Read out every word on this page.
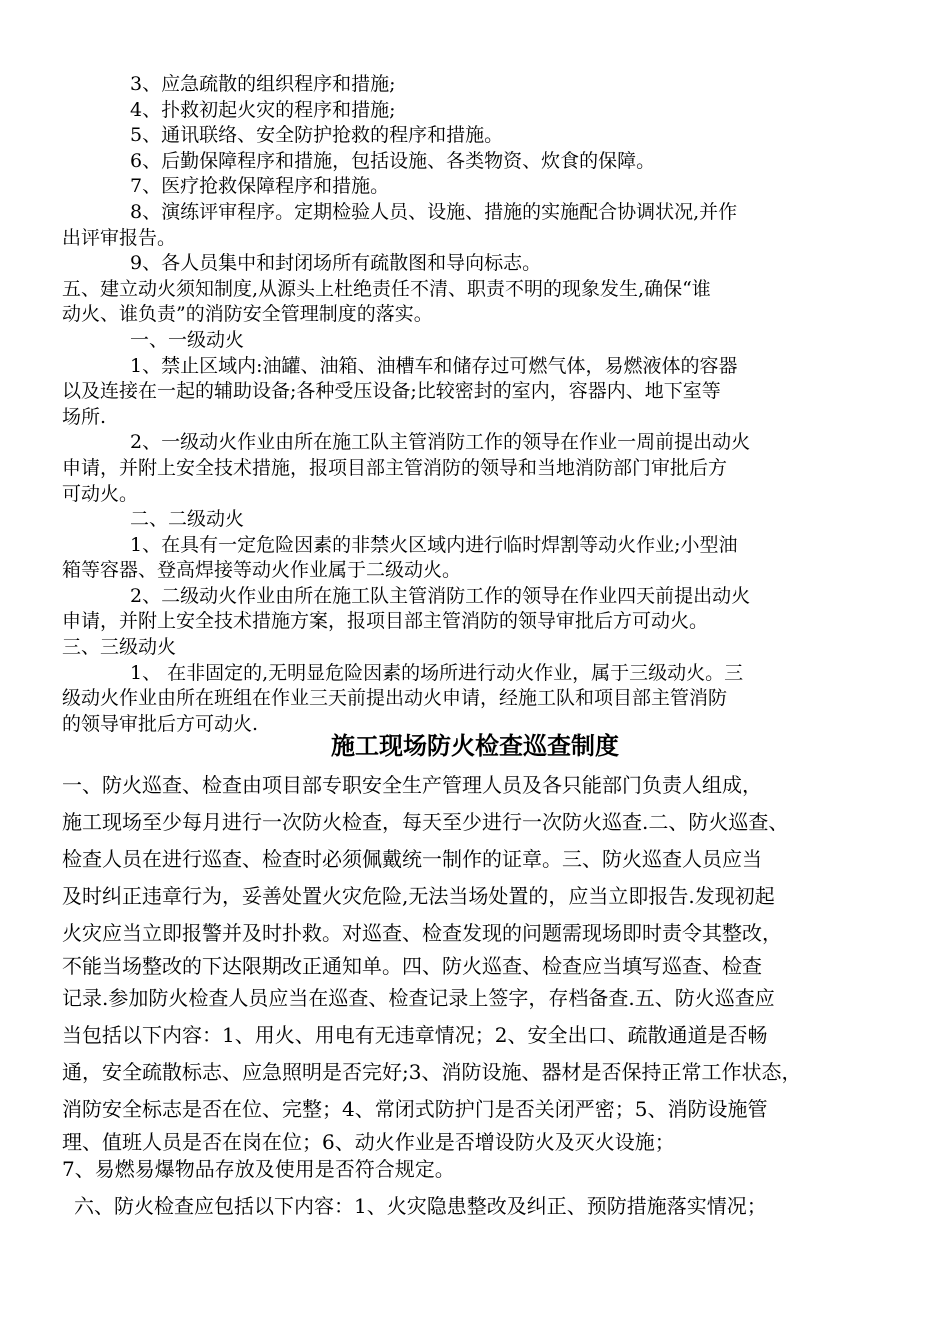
3、应急疏散的组织程序和措施;

4、扑救初起火灾的程序和措施;

5、通讯联络、安全防护抢救的程序和措施。

6、后勤保障程序和措施，包括设施、各类物资、炊食的保障。

7、医疗抢救保障程序和措施。

8、演练评审程序。定期检验人员、设施、措施的实施配合协调状况,并作

出评审报告。

9、各人员集中和封闭场所有疏散图和导向标志。

五、建立动火须知制度,从源头上杜绝责任不清、职责不明的现象发生,确保“谁

动火、谁负责”的消防安全管理制度的落实。

一、一级动火

1、禁止区域内:油罐、油箱、油槽车和储存过可燃气体，易燃液体的容器

以及连接在一起的辅助设备;各种受压设备;比较密封的室内，容器内、地下室等

场所.

2、一级动火作业由所在施工队主管消防工作的领导在作业一周前提出动火

申请，并附上安全技术措施，报项目部主管消防的领导和当地消防部门审批后方

可动火。

二、二级动火

1、在具有一定危险因素的非禁火区域内进行临时焊割等动火作业;小型油

箱等容器、登高焊接等动火作业属于二级动火。

2、二级动火作业由所在施工队主管消防工作的领导在作业四天前提出动火

申请，并附上安全技术措施方案，报项目部主管消防的领导审批后方可动火。

三、三级动火

1、 在非固定的,无明显危险因素的场所进行动火作业，属于三级动火。三

级动火作业由所在班组在作业三天前提出动火申请，经施工队和项目部主管消防

的领导审批后方可动火.

施工现场防火检查巡查制度

一、防火巡查、检查由项目部专职安全生产管理人员及各只能部门负责人组成，

施工现场至少每月进行一次防火检查，每天至少进行一次防火巡查.二、防火巡查、

检查人员在进行巡查、检查时必须佩戴统一制作的证章。三、防火巡查人员应当

及时纠正违章行为，妥善处置火灾危险,无法当场处置的，应当立即报告.发现初起

火灾应当立即报警并及时扑救。对巡查、检查发现的问题需现场即时责令其整改，

不能当场整改的下达限期改正通知单。四、防火巡查、检查应当填写巡查、检查

记录.参加防火检查人员应当在巡查、检查记录上签字，存档备查.五、防火巡查应

当包括以下内容：1、用火、用电有无违章情况；2、安全出口、疏散通道是否畅

通，安全疏散标志、应急照明是否完好;3、消防设施、器材是否保持正常工作状态，

消防安全标志是否在位、完整；4、常闭式防护门是否关闭严密；5、消防设施管

理、值班人员是否在岗在位；6、动火作业是否增设防火及灭火设施；

7、易燃易爆物品存放及使用是否符合规定。

六、防火检查应包括以下内容：1、火灾隐患整改及纠正、预防措施落实情况；
